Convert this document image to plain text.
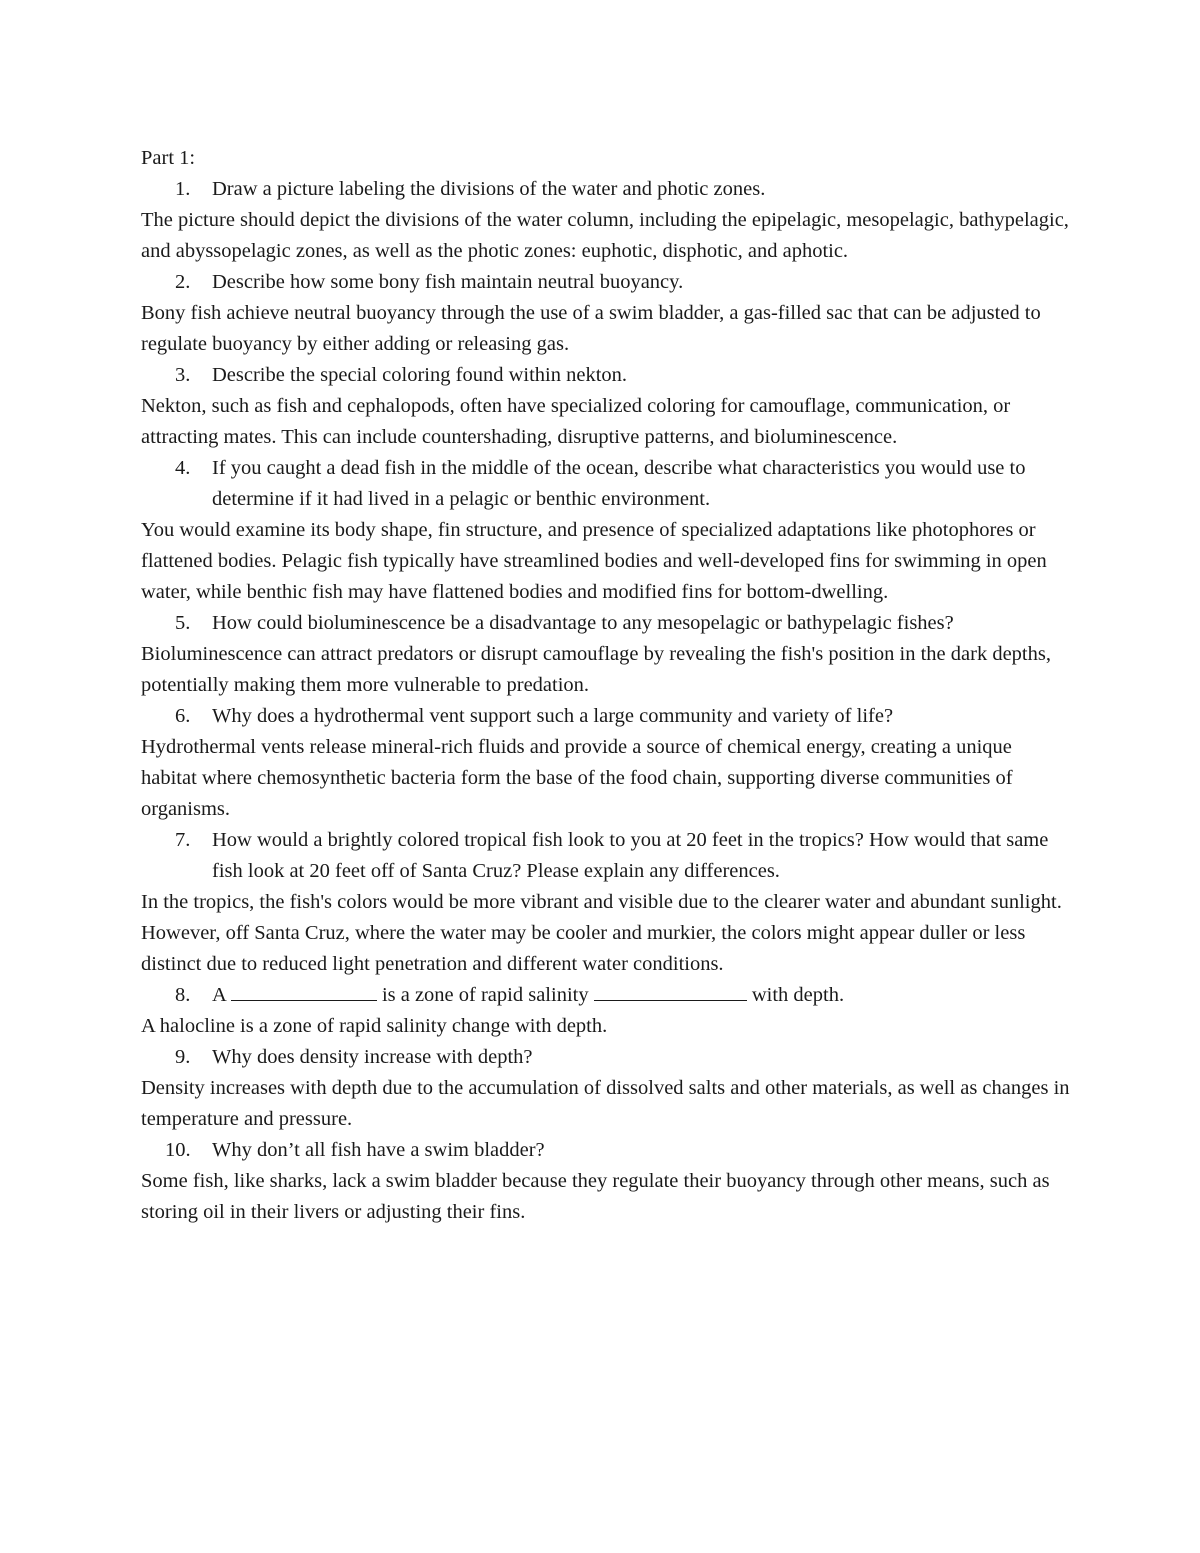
Part 1:

1. Draw a picture labeling the divisions of the water and photic zones.

The picture should depict the divisions of the water column, including the epipelagic, mesopelagic, bathypelagic, and abyssopelagic zones, as well as the photic zones: euphotic, disphotic, and aphotic.

2. Describe how some bony fish maintain neutral buoyancy.

Bony fish achieve neutral buoyancy through the use of a swim bladder, a gas-filled sac that can be adjusted to regulate buoyancy by either adding or releasing gas.

3. Describe the special coloring found within nekton.

Nekton, such as fish and cephalopods, often have specialized coloring for camouflage, communication, or attracting mates. This can include countershading, disruptive patterns, and bioluminescence.

4. If you caught a dead fish in the middle of the ocean, describe what characteristics you would use to determine if it had lived in a pelagic or benthic environment.

You would examine its body shape, fin structure, and presence of specialized adaptations like photophores or flattened bodies. Pelagic fish typically have streamlined bodies and well-developed fins for swimming in open water, while benthic fish may have flattened bodies and modified fins for bottom-dwelling.

5. How could bioluminescence be a disadvantage to any mesopelagic or bathypelagic fishes?

Bioluminescence can attract predators or disrupt camouflage by revealing the fish's position in the dark depths, potentially making them more vulnerable to predation.

6. Why does a hydrothermal vent support such a large community and variety of life?

Hydrothermal vents release mineral-rich fluids and provide a source of chemical energy, creating a unique habitat where chemosynthetic bacteria form the base of the food chain, supporting diverse communities of organisms.

7. How would a brightly colored tropical fish look to you at 20 feet in the tropics? How would that same fish look at 20 feet off of Santa Cruz? Please explain any differences.

In the tropics, the fish's colors would be more vibrant and visible due to the clearer water and abundant sunlight. However, off Santa Cruz, where the water may be cooler and murkier, the colors might appear duller or less distinct due to reduced light penetration and different water conditions.

8. A	is a zone of rapid salinity	with depth.

A halocline is a zone of rapid salinity change with depth.

9. Why does density increase with depth?

Density increases with depth due to the accumulation of dissolved salts and other materials, as well as changes in temperature and pressure.

10. Why don’t all fish have a swim bladder?

Some fish, like sharks, lack a swim bladder because they regulate their buoyancy through other means, such as storing oil in their livers or adjusting their fins.
